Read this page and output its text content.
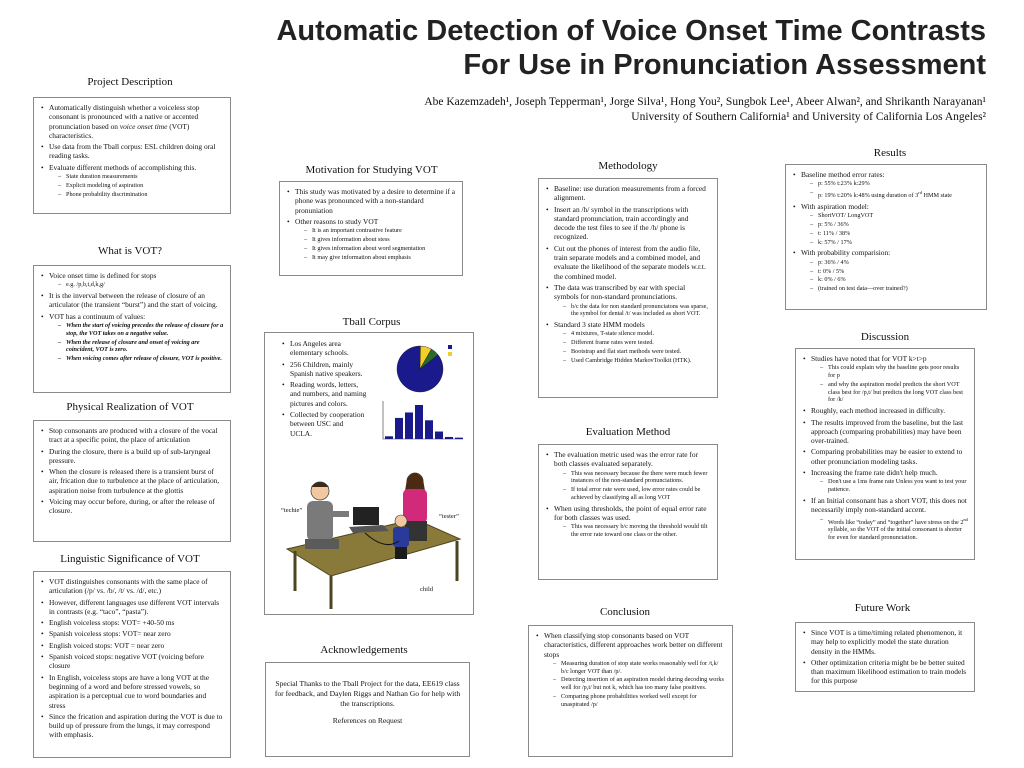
Automatic Detection of Voice Onset Time Contrasts
For Use in Pronunciation Assessment
Abe Kazemzadeh¹, Joseph Tepperman¹, Jorge Silva¹, Hong You², Sungbok Lee¹, Abeer Alwan², and Shrikanth Narayanan¹
University of Southern California¹ and University of California Los Angeles²
Project Description
• Automatically distinguish whether a voiceless stop consonant is pronounced with a native or accented pronunciation based on voice onset time (VOT) characteristics.
• Use data from the Tball corpus: ESL children doing oral reading tasks.
• Evaluate different methods of accomplishing this.
– State duration measurements
– Explicit modeling of aspiration
– Phone probability discrimination
What is VOT?
• Voice onset time is defined for stops
– e.g. /p,b,t,d,k,g/
• It is the inverval between the release of closure of an articulator (the transient “burst”) and the start of voicing.
• VOT has a continuum of values:
– When the start of voicing precedes the release of closure for a stop, the VOT takes on a negative value.
– When the release of closure and onset of voicing are coincident, VOT is zero.
– When voicing comes after release of closure, VOT is positive.
Physical Realization of VOT
• Stop consonants are produced with a closure of the vocal tract at a specific point, the place of articulation
• During the closure, there is a build up of sub-laryngeal pressure.
• When the closure is released there is a transient burst of air, frication due to turbulence at the place of articulation, aspiration noise from turbulence at the glottis
• Voicing may occur before, during, or after the release of closure.
Linguistic Significance of VOT
• VOT distinguishes consonants with the same place of articulation (/p/ vs. /b/, /t/ vs. /d/, etc.)
• However, different languages use different VOT intervals in contrasts (e.g. “taco”, “pasta”).
• English voiceless stops: VOT= +40-50 ms
• Spanish voiceless stops: VOT= near zero
• English voiced stops: VOT = near zero
• Spanish voiced stops: negative VOT (voicing before closure
• In English, voiceless stops are have a long VOT at the beginning of a word and before stressed vowels, so aspiration is a perceptual cue to word boundaries and stress
• Since the frication and aspiration during the VOT is due to build up of pressure from the lungs, it may correspond with emphasis.
Motivation for Studying VOT
• This study was motivated by a desire to determine if a phone was pronounced with a non-standard pronuniation
• Other reasons to study VOT
– It is an important contrastive feature
– It gives information about stess
– It gives information about word segmentation
– It may give information about emphasis
Tball Corpus
• Los Angeles area elementary schools.
• 256 Children, mainly Spanish native speakers.
• Reading words, letters, and numbers, and naming pictures and colors.
• Collected by cooperation between USC and UCLA.
“techie”
“tester”
child
Methodology
• Baseline: use duration measurements from a forced alignment.
• Insert an /h/ symbol in the transcriptions with standard pronunciation, train accordingly and decode the test files to see if the /h/ phone is recognized.
• Cut out the phones of interest from the audio file, train separate models and a combined model, and evaluate the likelihood of the separate models w.r.t. the combined model.
• The data was transcribed by ear with special symbols for non-standard pronunciations.
– b/c the data for non standard pronunciatons was sparse, the symbol for dental /t/ was included as short VOT.
• Standard 3 state HMM models
– 4 mixtures, T-state silence model.
– Different frame rates were tested.
– Bootstrap and flat start methods were tested.
– Used Cambridge Hidden MarkovToolkit (HTK).
Evaluation Method
• The evaluation metric used was the error rate for both classes evaluated separately.
– This was necessary because the there were much fewer instances of the non-standard pronunciations.
– If total error rate were used, low error rates could be achieved by classifying all as long VOT
• When using thresholds, the point of equal error rate for both classes was used.
– This was necessary b/c moving the threshold would tilt the error rate toward one class or the other.
Conclusion
• When classifying stop consonants based on VOT characteristics, different approaches work better on different stops
– Measuring duration of stop state works reasonably well for /t,k/ b/c longer VOT than /p/.
– Detecting insertion of an aspiration model during decoding works well for /p,t/ but not k, which has too many false positives.
– Comparing phone probabilities worked well except for unaspirated /p/
Acknowledgements
Special Thanks to the Tball Project for the data, EE619 class for feedback, and Daylen Riggs and Nathan Go for help with the transcriptions.
References on Request
Results
• Baseline method error rates:
– p: 55% t:23% k:29%
– p: 19% t:20% k:48% using duration of 3rd HMM state
• With aspiration model:
– ShortVOT/ LongVOT
– p: 5% / 36%
– t: 11% / 38%
– k: 57% / 17%
• With probability comparision:
– p: 36% / 4%
– t: 0% / 5%
– k: 0% / 6%
– (trained on test data—over trained?)
Discussion
• Studies have noted that for VOT k>t>p
– This could explain why the baseline gets poor results for p
– and why the aspiration model predicts the short VOT class best for /p,t/ but predicts the long VOT class best for /k/
• Roughly, each method increased in difficulty.
• The results improved from the baseline, but the last approach (comparing probabilities) may have been over-trained.
• Comparing probabilities may be easier to extend to other pronunciation modeling tasks.
• Increasing the frame rate didn't help much.
– Don't use a 1ms frame rate Unless you want to test your patience.
• If an Initial consonant has a short VOT, this does not necessarily imply non-standard accent.
– Words like “today” and “together” have stress on the 2nd syllable, so the VOT of the initial consonant is shorter for even for standard pronunciation.
Future Work
• Since VOT is a time/timing related phenomenon, it may help to explicitly model the state duration density in the HMMs.
• Other optimization criteria might be be better suited than maximum likelihood estimation to train models for this purpose
